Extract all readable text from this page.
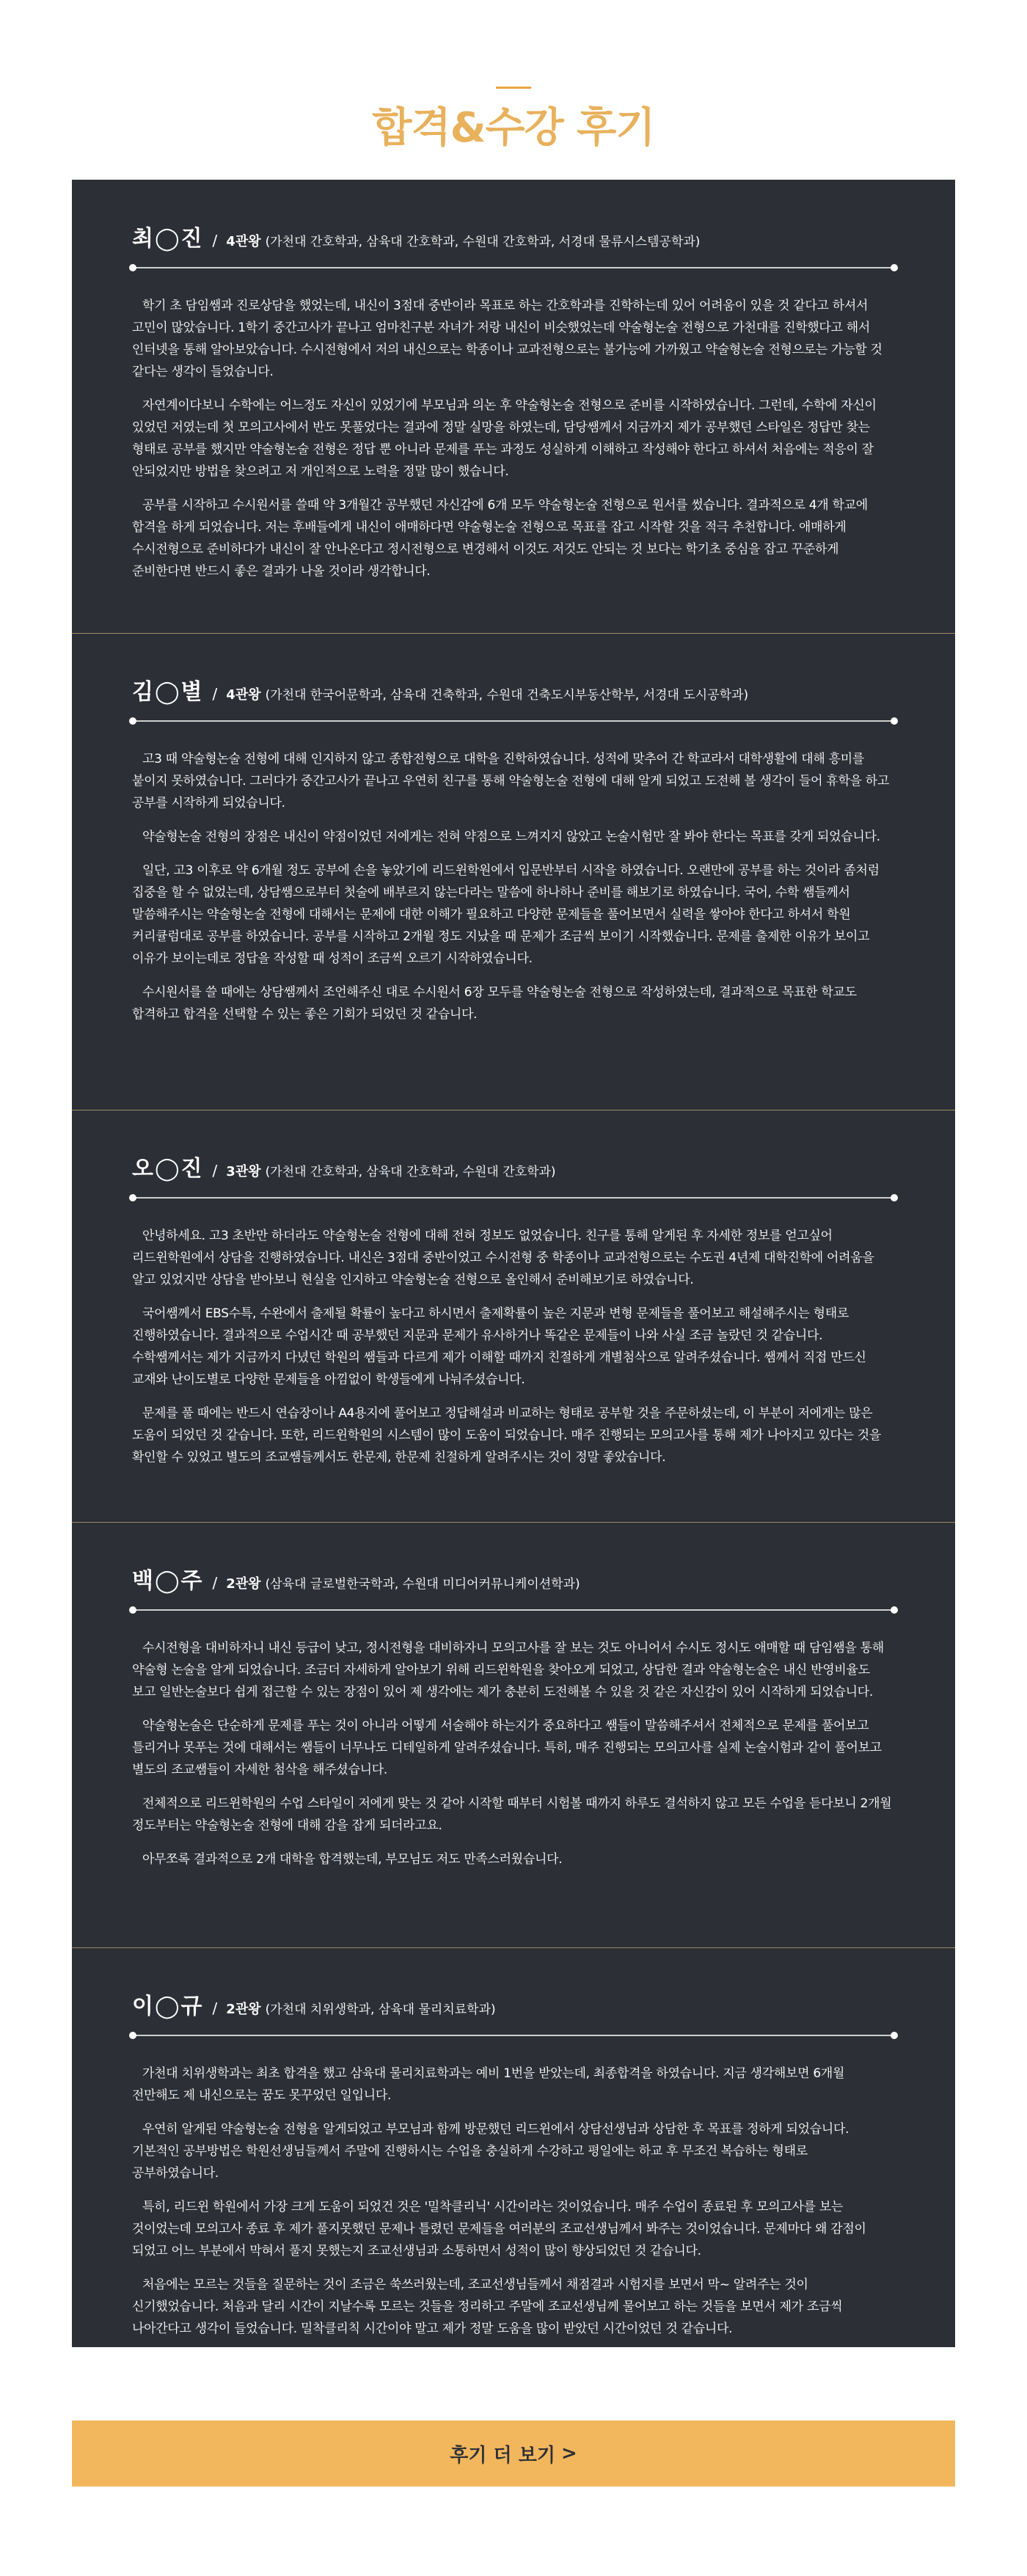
합격&수강 후기
최◯진 / 4관왕 (가천대 간호학과, 삼육대 간호학과, 수원대 간호학과, 서경대 물류시스템공학과)

학기 초 담임쌤과 진로상담을 했었는데, 내신이 3점대 중반이라 목표로 하는 간호학과를 진학하는데 있어 어려움이 있을 것 같다고 하셔서 고민이 많았습니다. 1학기 중간고사가 끝나고 엄마친구분 자녀가 저랑 내신이 비슷했었는데 약술형논술 전형으로 가천대를 진학했다고 해서 인터넷을 통해 알아보았습니다. 수시전형에서 저의 내신으로는 학종이나 교과전형으로는 불가능에 가까웠고 약술형논술 전형으로는 가능할 것 같다는 생각이 들었습니다.

자연계이다보니 수학에는 어느정도 자신이 있었기에 부모님과 의논 후 약술형논술 전형으로 준비를 시작하였습니다. 그런데, 수학에 자신이 있었던 저였는데 첫 모의고사에서 반도 못풀었다는 결과에 정말 실망을 하였는데, 담당쌤께서 지금까지 제가 공부했던 스타일은 정답만 찾는 형태로 공부를 했지만 약술형논술 전형은 정답 뿐 아니라 문제를 푸는 과정도 성실하게 이해하고 작성해야 한다고 하셔서 처음에는 적응이 잘 안되었지만 방법을 찾으려고 저 개인적으로 노력을 정말 많이 했습니다.

공부를 시작하고 수시원서를 쓸때 약 3개월간 공부했던 자신감에 6개 모두 약술형논술 전형으로 원서를 썼습니다. 결과적으로 4개 학교에 합격을 하게 되었습니다. 저는 후배들에게 내신이 애매하다면 약술형논술 전형으로 목표를 잡고 시작할 것을 적극 추천합니다. 애매하게 수시전형으로 준비하다가 내신이 잘 안나온다고 정시전형으로 변경해서 이것도 저것도 안되는 것 보다는 학기초 중심을 잡고 꾸준하게 준비한다면 반드시 좋은 결과가 나올 것이라 생각합니다.

김◯별 / 4관왕 (가천대 한국어문학과, 삼육대 건축학과, 수원대 건축도시부동산학부, 서경대 도시공학과)

고3 때 약술형논술 전형에 대해 인지하지 않고 종합전형으로 대학을 진학하였습니다. 성적에 맞추어 간 학교라서 대학생활에 대해 흥미를 붙이지 못하였습니다. 그러다가 중간고사가 끝나고 우연히 친구를 통해 약술형논술 전형에 대해 알게 되었고 도전해 볼 생각이 들어 휴학을 하고 공부를 시작하게 되었습니다.

약술형논술 전형의 장점은 내신이 약점이었던 저에게는 전혀 약점으로 느껴지지 않았고 논술시험만 잘 봐야 한다는 목표를 갖게 되었습니다.

일단, 고3 이후로 약 6개월 정도 공부에 손을 놓았기에 리드윈학원에서 입문반부터 시작을 하였습니다. 오랜만에 공부를 하는 것이라 좀처럼 집중을 할 수 없었는데, 상담쌤으로부터 첫술에 배부르지 않는다라는 말씀에 하나하나 준비를 해보기로 하였습니다. 국어, 수학 쌤들께서 말씀해주시는 약술형논술 전형에 대해서는 문제에 대한 이해가 필요하고 다양한 문제들을 풀어보면서 실력을 쌓아야 한다고 하셔서 학원 커리큘럼대로 공부를 하였습니다. 공부를 시작하고 2개월 정도 지났을 때 문제가 조금씩 보이기 시작했습니다. 문제를 출제한 이유가 보이고 이유가 보이는데로 정답을 작성할 때 성적이 조금씩 오르기 시작하였습니다.

수시원서를 쓸 때에는 상담쌤께서 조언해주신 대로 수시원서 6장 모두를 약술형논술 전형으로 작성하였는데, 결과적으로 목표한 학교도 합격하고 합격을 선택할 수 있는 좋은 기회가 되었던 것 같습니다.

오◯진 / 3관왕 (가천대 간호학과, 삼육대 간호학과, 수원대 간호학과)

안녕하세요. 고3 초반만 하더라도 약술형논술 전형에 대해 전혀 정보도 없었습니다. 친구를 통해 알게된 후 자세한 정보를 얻고싶어 리드윈학원에서 상담을 진행하였습니다. 내신은 3점대 중반이었고 수시전형 중 학종이나 교과전형으로는 수도권 4년제 대학진학에 어려움을 알고 있었지만 상담을 받아보니 현실을 인지하고 약술형논술 전형으로 올인해서 준비해보기로 하였습니다.

국어쌤께서 EBS수특, 수완에서 출제될 확률이 높다고 하시면서 출제확률이 높은 지문과 변형 문제들을 풀어보고 해설해주시는 형태로 진행하였습니다. 결과적으로 수업시간 때 공부했던 지문과 문제가 유사하거나 똑같은 문제들이 나와 사실 조금 놀랐던 것 같습니다. 수학쌤께서는 제가 지금까지 다녔던 학원의 쌤들과 다르게 제가 이해할 때까지 친절하게 개별첨삭으로 알려주셨습니다. 쌤께서 직접 만드신 교재와 난이도별로 다양한 문제들을 아낌없이 학생들에게 나눠주셨습니다.

문제를 풀 때에는 반드시 연습장이나 A4용지에 풀어보고 정답해설과 비교하는 형태로 공부할 것을 주문하셨는데, 이 부분이 저에게는 많은 도움이 되었던 것 같습니다. 또한, 리드윈학원의 시스템이 많이 도움이 되었습니다. 매주 진행되는 모의고사를 통해 제가 나아지고 있다는 것을 확인할 수 있었고 별도의 조교쌤들께서도 한문제, 한문제 친절하게 알려주시는 것이 정말 좋았습니다.

백◯주 / 2관왕 (삼육대 글로벌한국학과, 수원대 미디어커뮤니케이션학과)

수시전형을 대비하자니 내신 등급이 낮고, 정시전형을 대비하자니 모의고사를 잘 보는 것도 아니어서 수시도 정시도 애매할 때 담임쌤을 통해 약술형 논술을 알게 되었습니다. 조금더 자세하게 알아보기 위해 리드윈학원을 찾아오게 되었고, 상담한 결과 약술형논술은 내신 반영비율도 보고 일반논술보다 쉽게 접근할 수 있는 장점이 있어 제 생각에는 제가 충분히 도전해볼 수 있을 것 같은 자신감이 있어 시작하게 되었습니다.

약술형논술은 단순하게 문제를 푸는 것이 아니라 어떻게 서술해야 하는지가 중요하다고 쌤들이 말씀해주셔서 전체적으로 문제를 풀어보고 틀리거나 못푸는 것에 대해서는 쌤들이 너무나도 디테일하게 알려주셨습니다. 특히, 매주 진행되는 모의고사를 실제 논술시험과 같이 풀어보고 별도의 조교쌤들이 자세한 첨삭을 해주셨습니다.

전체적으로 리드윈학원의 수업 스타일이 저에게 맞는 것 같아 시작할 때부터 시험볼 때까지 하루도 결석하지 않고 모든 수업을 듣다보니 2개월 정도부터는 약술형논술 전형에 대해 감을 잡게 되더라고요.

아무쪼록 결과적으로 2개 대학을 합격했는데, 부모님도 저도 만족스러웠습니다.

이◯규 / 2관왕 (가천대 치위생학과, 삼육대 물리치료학과)

가천대 치위생학과는 최초 합격을 했고 삼육대 물리치료학과는 예비 1번을 받았는데, 최종합격을 하였습니다. 지금 생각해보면 6개월 전만해도 제 내신으로는 꿈도 못꾸었던 일입니다.

우연히 알게된 약술형논술 전형을 알게되었고 부모님과 함께 방문했던 리드윈에서 상담선생님과 상담한 후 목표를 정하게 되었습니다. 기본적인 공부방법은 학원선생님들께서 주말에 진행하시는 수업을 충실하게 수강하고 평일에는 하교 후 무조건 복습하는 형태로 공부하였습니다.

특히, 리드윈 학원에서 가장 크게 도움이 되었건 것은 '밀착클리닉' 시간이라는 것이었습니다. 매주 수업이 종료된 후 모의고사를 보는 것이었는데 모의고사 종료 후 제가 풀지못했던 문제나 틀렸던 문제들을 여러분의 조교선생님께서 봐주는 것이었습니다. 문제마다 왜 감점이 되었고 어느 부분에서 막혀서 풀지 못했는지 조교선생님과 소통하면서 성적이 많이 향상되었던 것 같습니다.

처음에는 모르는 것들을 질문하는 것이 조금은 쑥쓰러웠는데, 조교선생님들께서 채점결과 시험지를 보면서 막~ 알려주는 것이 신기했었습니다. 처음과 달리 시간이 지날수록 모르는 것들을 정리하고 주말에 조교선생님께 물어보고 하는 것들을 보면서 제가 조금씩 나아간다고 생각이 들었습니다. 밀착클리칙 시간이야 말고 제가 정말 도움을 많이 받았던 시간이었던 것 같습니다.

후기 더 보기 >
